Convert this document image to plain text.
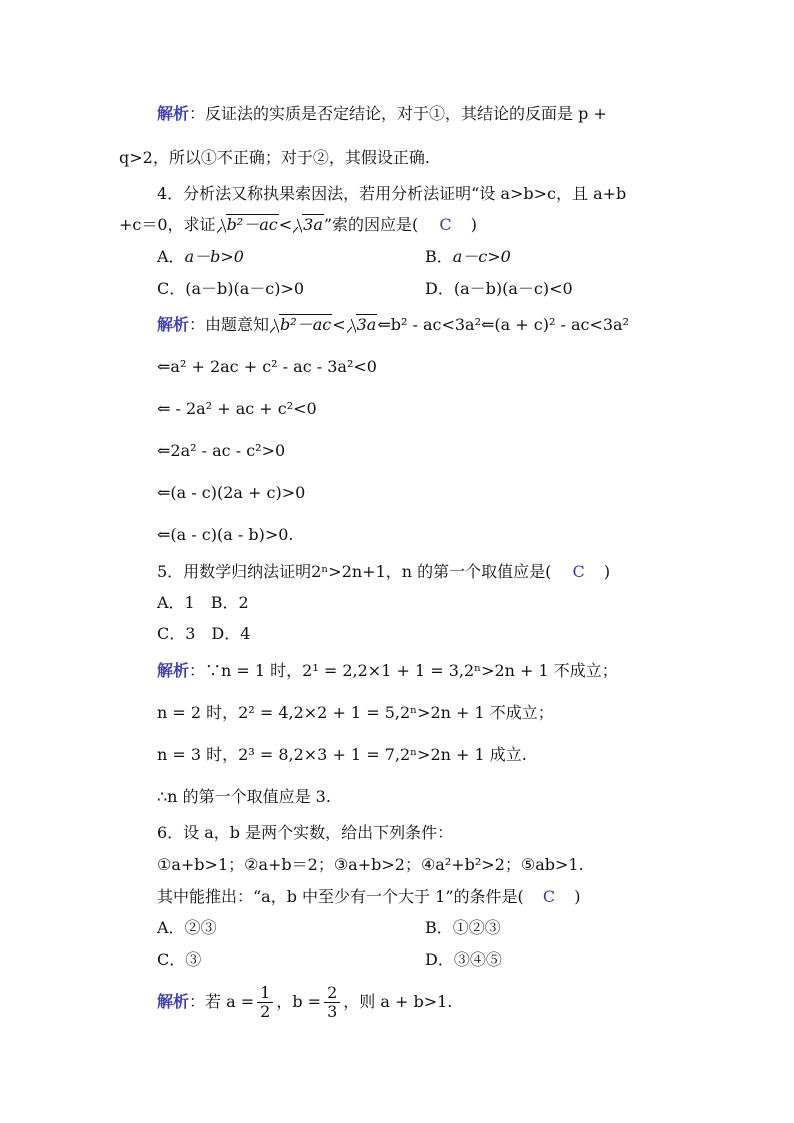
解析：反证法的实质是否定结论，对于①，其结论的反面是 p +
q>2，所以①不正确；对于②，其假设正确.
4．分析法又称执果索因法，若用分析法证明“设 a>b>c，且 a+b
+c＝0，求证 b²－ac< 3a”索的因应是( C )
A．a－b>0	B．a－c>0
C．(a－b)(a－c)>0	D．(a－b)(a－c)<0
解析：由题意知 b²－ac< 3a⇐b² - ac<3a²⇐(a + c)² - ac<3a²
⇐a² + 2ac + c² - ac - 3a²<0
⇐ - 2a² + ac + c²<0
⇐2a² - ac - c²>0
⇐(a - c)(2a + c)>0
⇐(a - c)(a - b)>0.
5．用数学归纳法证明2ⁿ>2n+1，n 的第一个取值应是( C )
A．1　B．2
C．3　D．4
解析：∵n = 1 时，2¹ = 2,2×1 + 1 = 3,2ⁿ>2n + 1 不成立；
n = 2 时，2² = 4,2×2 + 1 = 5,2ⁿ>2n + 1 不成立；
n = 3 时，2³ = 8,2×3 + 1 = 7,2ⁿ>2n + 1 成立.
∴n 的第一个取值应是 3.
6．设 a，b 是两个实数，给出下列条件：
①a+b>1；②a+b＝2；③a+b>2；④a²+b²>2；⑤ab>1.
其中能推出：“a，b 中至少有一个大于 1”的条件是( C )
A．②③	B．①②③
C．③	D．③④⑤
解析：若 $a = \frac{1}{2}$ ，$b = \frac{2}{3}$ ，则 a + b>1.
